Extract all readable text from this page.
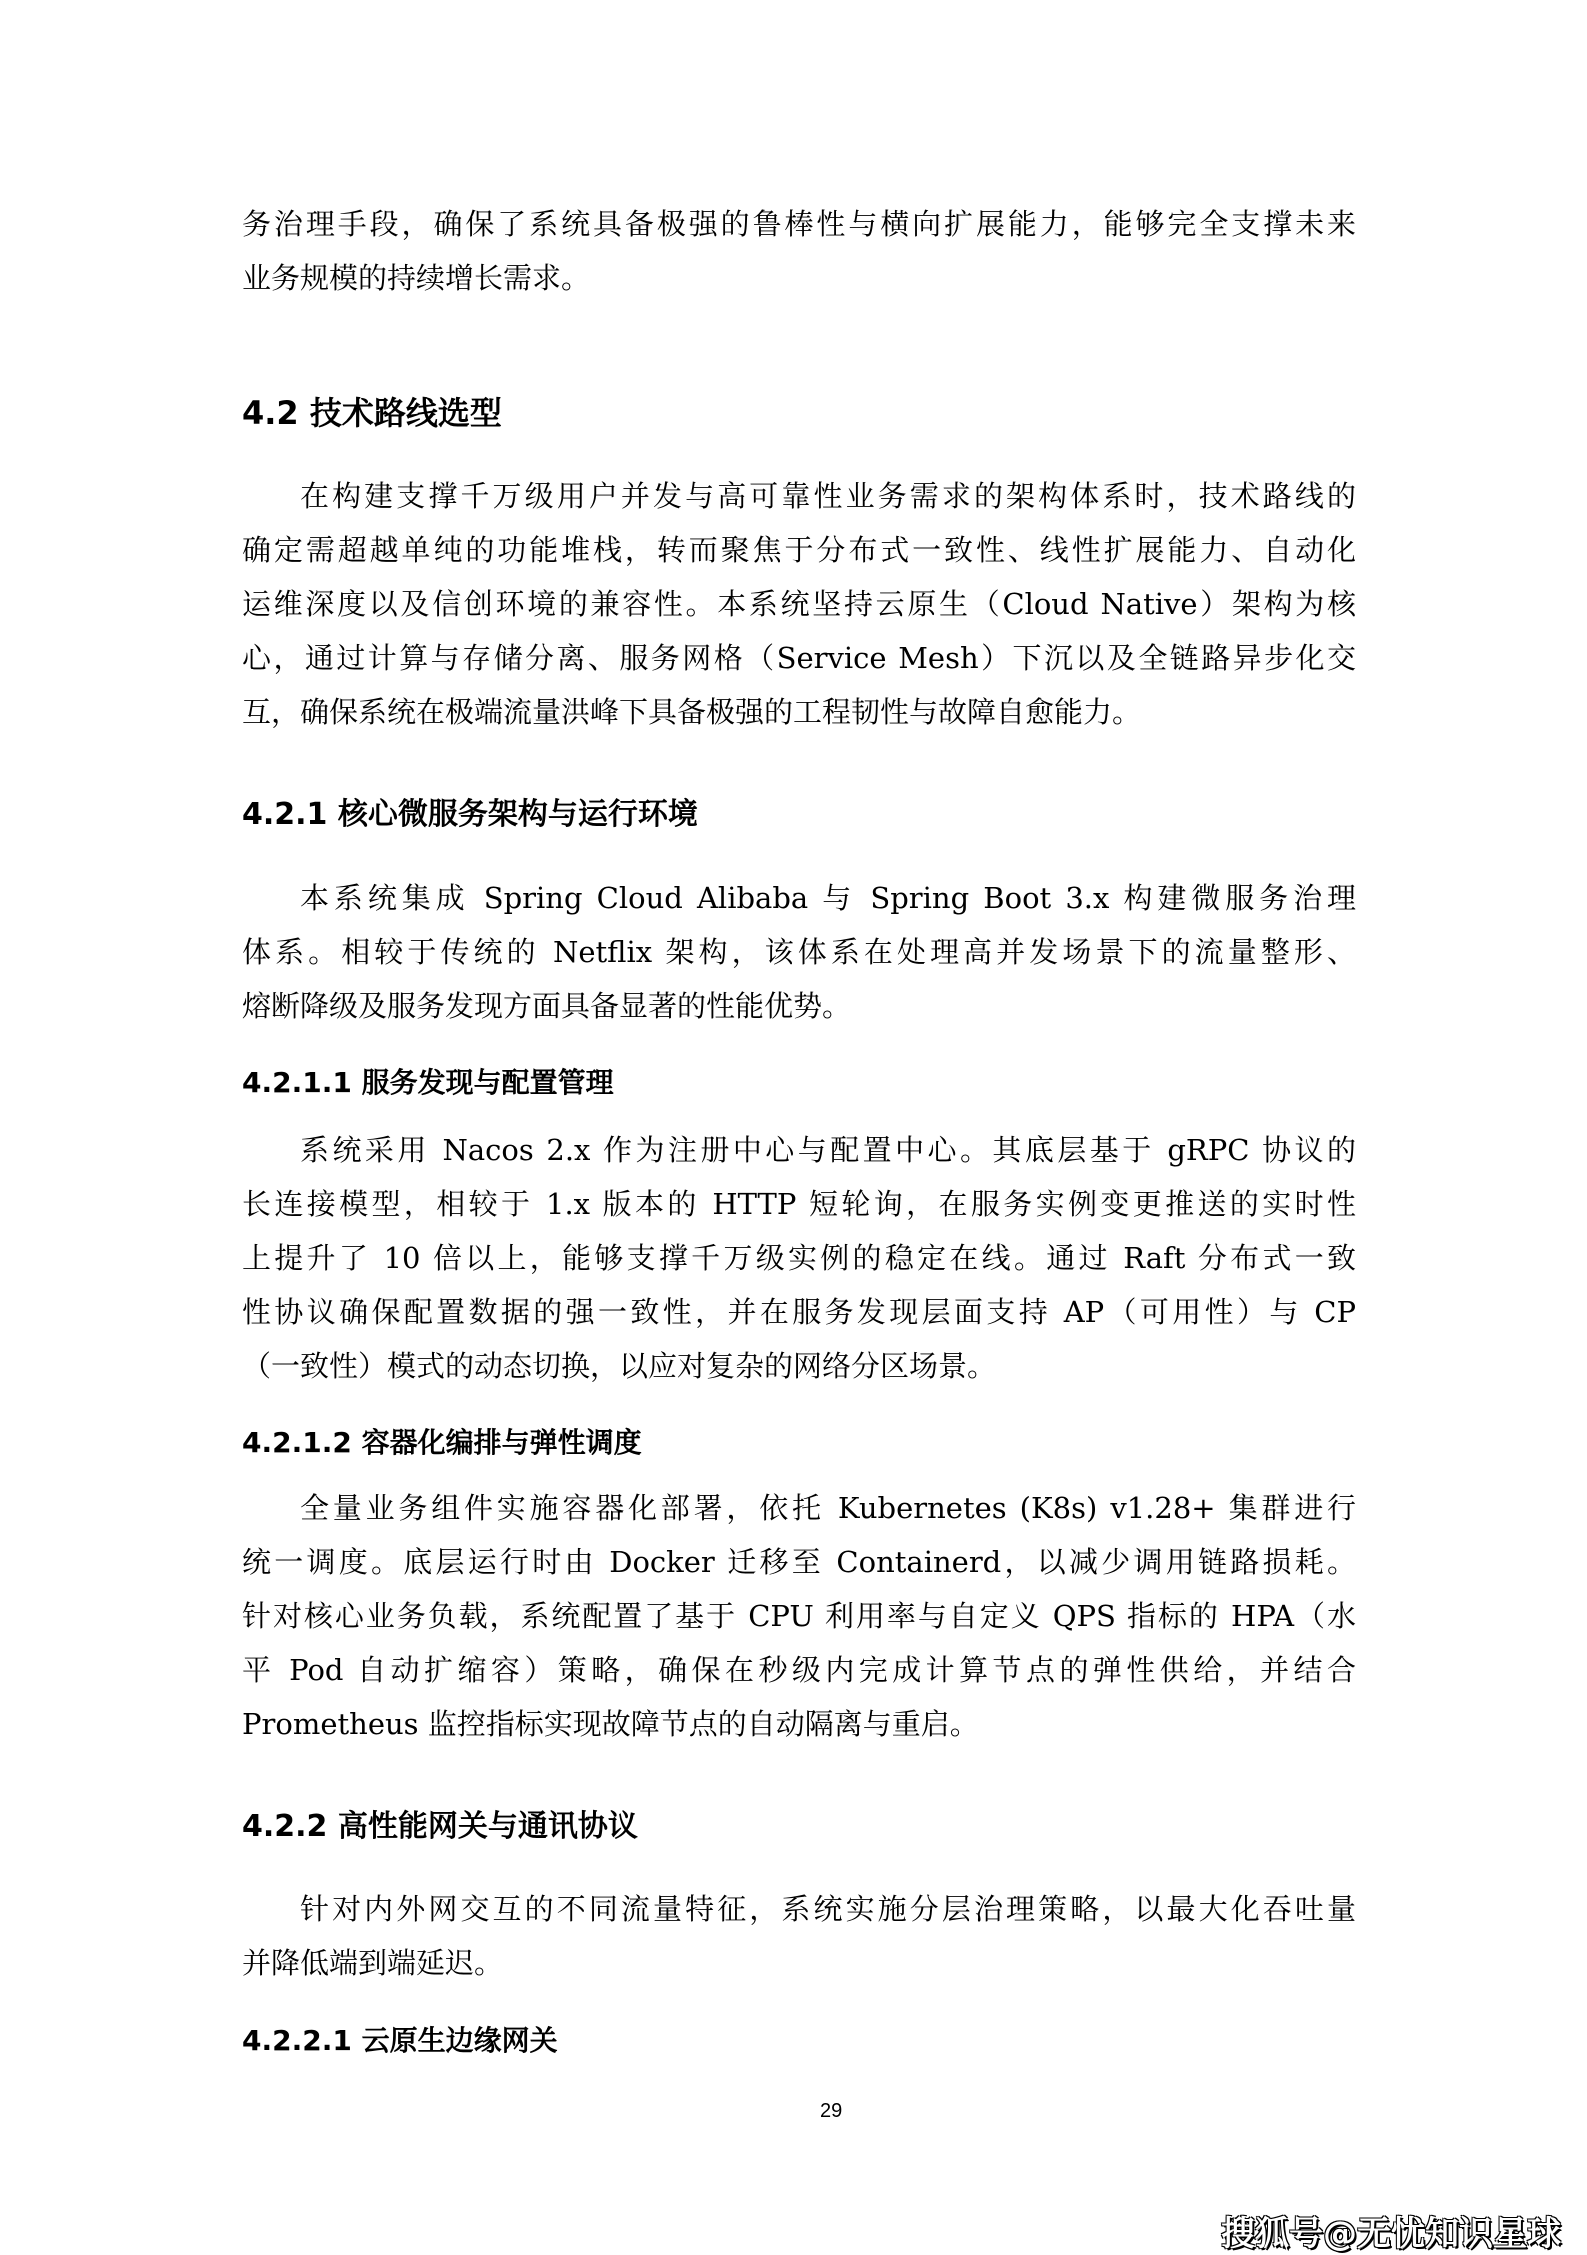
务治理手段，确保了系统具备极强的鲁棒性与横向扩展能力，能够完全支撑未来
业务规模的持续增长需求。
4.2 技术路线选型
在构建支撑千万级用户并发与高可靠性业务需求的架构体系时，技术路线的
确定需超越单纯的功能堆栈，转而聚焦于分布式一致性、线性扩展能力、自动化
运维深度以及信创环境的兼容性。本系统坚持云原生（Cloud Native）架构为核
心，通过计算与存储分离、服务网格（Service Mesh）下沉以及全链路异步化交
互，确保系统在极端流量洪峰下具备极强的工程韧性与故障自愈能力。
4.2.1 核心微服务架构与运行环境
本系统集成 Spring Cloud Alibaba 与 Spring Boot 3.x 构建微服务治理
体系。相较于传统的 Netflix 架构，该体系在处理高并发场景下的流量整形、
熔断降级及服务发现方面具备显著的性能优势。
4.2.1.1 服务发现与配置管理
系统采用 Nacos 2.x 作为注册中心与配置中心。其底层基于 gRPC 协议的
长连接模型，相较于 1.x 版本的 HTTP 短轮询，在服务实例变更推送的实时性
上提升了 10 倍以上，能够支撑千万级实例的稳定在线。通过 Raft 分布式一致
性协议确保配置数据的强一致性，并在服务发现层面支持 AP（可用性）与 CP
（一致性）模式的动态切换，以应对复杂的网络分区场景。
4.2.1.2 容器化编排与弹性调度
全量业务组件实施容器化部署，依托 Kubernetes (K8s) v1.28+ 集群进行
统一调度。底层运行时由 Docker 迁移至 Containerd，以减少调用链路损耗。
针对核心业务负载，系统配置了基于 CPU 利用率与自定义 QPS 指标的 HPA（水
平 Pod 自动扩缩容）策略，确保在秒级内完成计算节点的弹性供给，并结合
Prometheus 监控指标实现故障节点的自动隔离与重启。
4.2.2 高性能网关与通讯协议
针对内外网交互的不同流量特征，系统实施分层治理策略，以最大化吞吐量
并降低端到端延迟。
4.2.2.1 云原生边缘网关
29
搜狐号@无忧知识星球
